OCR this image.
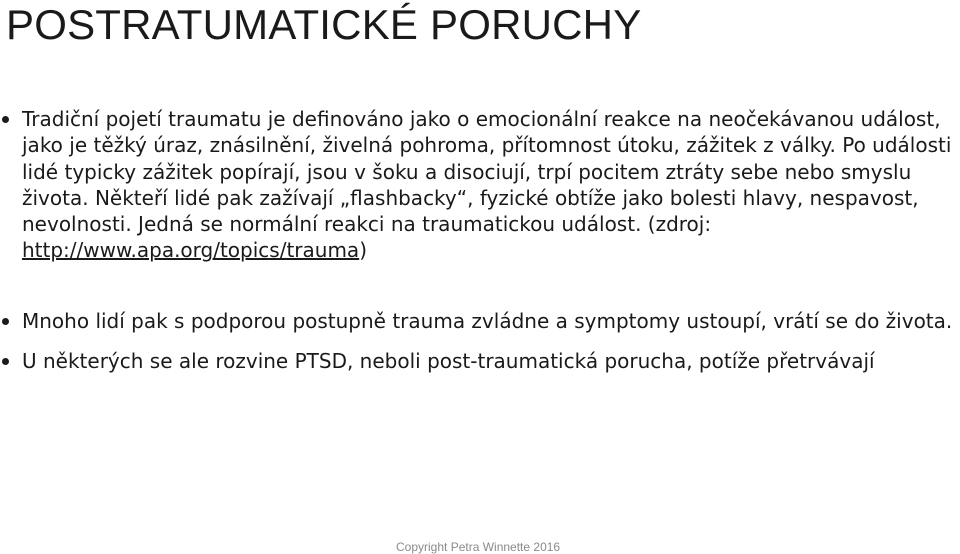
POSTRATUMATICKÉ PORUCHY

Tradiční pojetí traumatu je definováno jako o emocionální reakce na neočekávanou událost, jako je těžký úraz, znásilnění, živelná pohroma, přítomnost útoku, zážitek z války. Po události lidé typicky zážitek popírají, jsou v šoku a disociují, trpí pocitem ztráty sebe nebo smyslu života. Někteří lidé pak zažívají „flashbacky“, fyzické obtíže jako bolesti hlavy, nespavost, nevolnosti. Jedná se normální reakci na traumatickou událost. (zdroj: http://www.apa.org/topics/trauma)

Mnoho lidí pak s podporou postupně trauma zvládne a symptomy ustoupí, vrátí se do života.

U některých se ale rozvine PTSD, neboli post-traumatická porucha, potíže přetrvávají

Copyright Petra Winnette 2016
